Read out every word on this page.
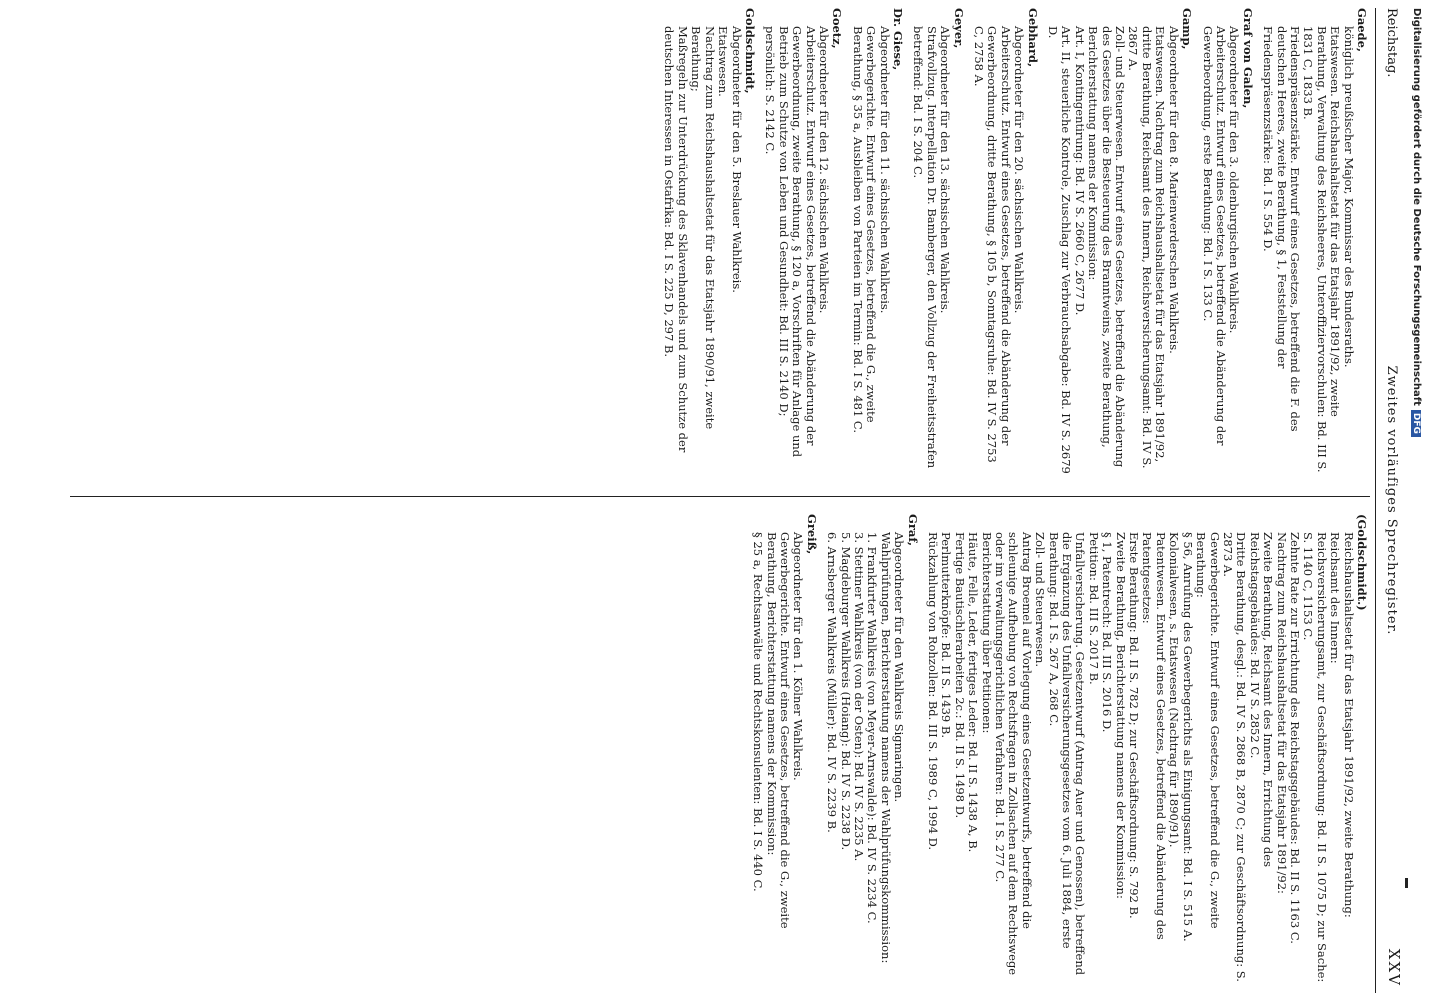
Reichstag.
Zweites vorläufiges Sprechregister.
XXV

Gaede,

königlich preußischer Major, Kommissar des Bundesraths.

Etatswesen. Reichshaushaltsetat für das Etatsjahr 1891/92, zweite Berathung, Verwaltung des Reichsheeres, Unteroffiziervorschulen: Bd. III S. 1831 C, 1833 B.

Friedenspräsenzstärke. Entwurf eines Gesetzes, betreffend die F. des deutschen Heeres, zweite Berathung, § 1, Feststellung der Friedenspräsenzstärke: Bd. I S. 554 D.

Graf von Galen,

Abgeordneter für den 3. oldenburgischen Wahlkreis.

Arbeiterschutz. Entwurf eines Gesetzes, betreffend die Abänderung der Gewerbeordnung, erste Berathung: Bd. I S. 133 C.

Gamp,

Abgeordneter für den 8. Marienwerderschen Wahlkreis.

Etatswesen. Nachtrag zum Reichshaushaltsetat für das Etatsjahr 1891/92, dritte Berathung, Reichsamt des Innern, Reichsversicherungsamt: Bd. IV S. 2867 A.

Zoll- und Steuerwesen. Entwurf eines Gesetzes, betreffend die Abänderung des Gesetzes über die Besteuerung des Branntweins, zweite Berathung, Berichterstattung namens der Kommission:

Art. I, Kontingentirung: Bd. IV S. 2660 C, 2677 D.

Art. II, steuerliche Kontrole, Zuschlag zur Verbrauchsabgabe: Bd. IV S. 2679 D.

Gebhard,

Abgeordneter für den 20. sächsischen Wahlkreis.

Arbeiterschutz. Entwurf eines Gesetzes, betreffend die Abänderung der Gewerbeordnung, dritte Berathung, § 105 b, Sonntagsruhe: Bd. IV S. 2753 C, 2758 A.

Geyer,

Abgeordneter für den 13. sächsischen Wahlkreis.

Strafvollzug. Interpellation Dr. Bamberger, den Vollzug der Freiheitsstrafen betreffend: Bd. I S. 204 C.

Dr. Giese,

Abgeordneter für den 11. sächsischen Wahlkreis.

Gewerbegerichte. Entwurf eines Gesetzes, betreffend die G., zweite Berathung, § 35 a, Ausbleiben von Parteien im Termin: Bd. I S. 481 C.

Goetz,

Abgeordneter für den 12. sächsischen Wahlkreis.

Arbeiterschutz. Entwurf eines Gesetzes, betreffend die Abänderung der Gewerbeordnung, zweite Berathung, § 120 a, Vorschriften für Anlage und Betrieb zum Schutze von Leben und Gesundheit: Bd. III S. 2140 D; persönlich: S. 2142 C.

Goldschmidt,

Abgeordneter für den 5. Breslauer Wahlkreis.

Etatswesen.

Nachtrag zum Reichshaushaltsetat für das Etatsjahr 1890/91, zweite Berathung;

Maßregeln zur Unterdrückung des Sklavenhandels und zum Schutze der deutschen Interessen in Ostafrika: Bd. I S. 225 D, 297 B.

(Goldschmidt.)

Reichshaushaltsetat für das Etatsjahr 1891/92, zweite Berathung:

Reichsamt des Innern:

Reichsversicherungsamt, zur Geschäftsordnung: Bd. II S. 1075 D; zur Sache: S. 1140 C, 1153 C.

Zehnte Rate zur Errichtung des Reichstagsgebäudes: Bd. II S. 1163 C.

Nachtrag zum Reichshaushaltsetat für das Etatsjahr 1891/92:

Zweite Berathung, Reichsamt des Innern, Errichtung des Reichstagsgebäudes: Bd. IV S. 2852 C.

Dritte Berathung, desgl.: Bd. IV S. 2868 B, 2870 C; zur Geschäftsordnung: S. 2873 A.

Gewerbegerichte. Entwurf eines Gesetzes, betreffend die G., zweite Berathung:

§ 56, Anrufung des Gewerbegerichts als Einigungsamt: Bd. I S. 515 A.

Kolonialwesen, s. Etatswesen (Nachtrag für 1890/91).

Patentwesen. Entwurf eines Gesetzes, betreffend die Abänderung des Patentgesetzes:

Erste Berathung: Bd. II S. 782 D; zur Geschäftsordnung: S. 792 B.

Zweite Berathung, Berichterstattung namens der Kommission:

§ 1, Patentrecht: Bd. III S. 2016 D.

Petition: Bd. III S. 2017 B.

Unfallversicherung. Gesetzentwurf (Antrag Auer und Genossen), betreffend die Ergänzung des Unfallversicherungsgesetzes vom 6. Juli 1884, erste Berathung: Bd. I S. 267 A, 268 C.

Zoll- und Steuerwesen.

Antrag Broemel auf Vorlegung eines Gesetzentwurfs, betreffend die schleunige Aufhebung von Rechtsfragen in Zollsachen auf dem Rechtswege oder im verwaltungsgerichtlichen Verfahren: Bd. I S. 277 C.

Berichterstattung über Petitionen:

Häute, Felle, Leder, fertiges Leder: Bd. II S. 1438 A, B.

Fertige Bautischlerarbeiten 2c.: Bd. II S. 1498 D.

Perlmutterknöpfe: Bd. II S. 1439 B.

Rückzahlung von Rohzollen: Bd. III S. 1989 C, 1994 D.

Graf,

Abgeordneter für den Wahlkreis Sigmaringen.

Wahlprüfungen, Berichterstattung namens der Wahlprüfungskommission:

1. Frankfurter Wahlkreis (von Meyer-Arnswalde): Bd. IV S. 2234 C.

3. Stettiner Wahlkreis (von der Osten): Bd. IV S. 2235 A.

5. Magdeburger Wahlkreis (Hoiang): Bd. IV S. 2238 D.

6. Arnsberger Wahlkreis (Müller): Bd. IV S. 2239 B.

Greiß,

Abgeordneter für den 1. Kölner Wahlkreis.

Gewerbegerichte. Entwurf eines Gesetzes, betreffend die G., zweite Berathung, Berichterstattung namens der Kommission:

§ 25 a, Rechtsanwälte und Rechtskonsulenten: Bd. I S. 440 C.

Digitalisierung gefördert durch die Deutsche ForschungsgemeinschaftDFG
